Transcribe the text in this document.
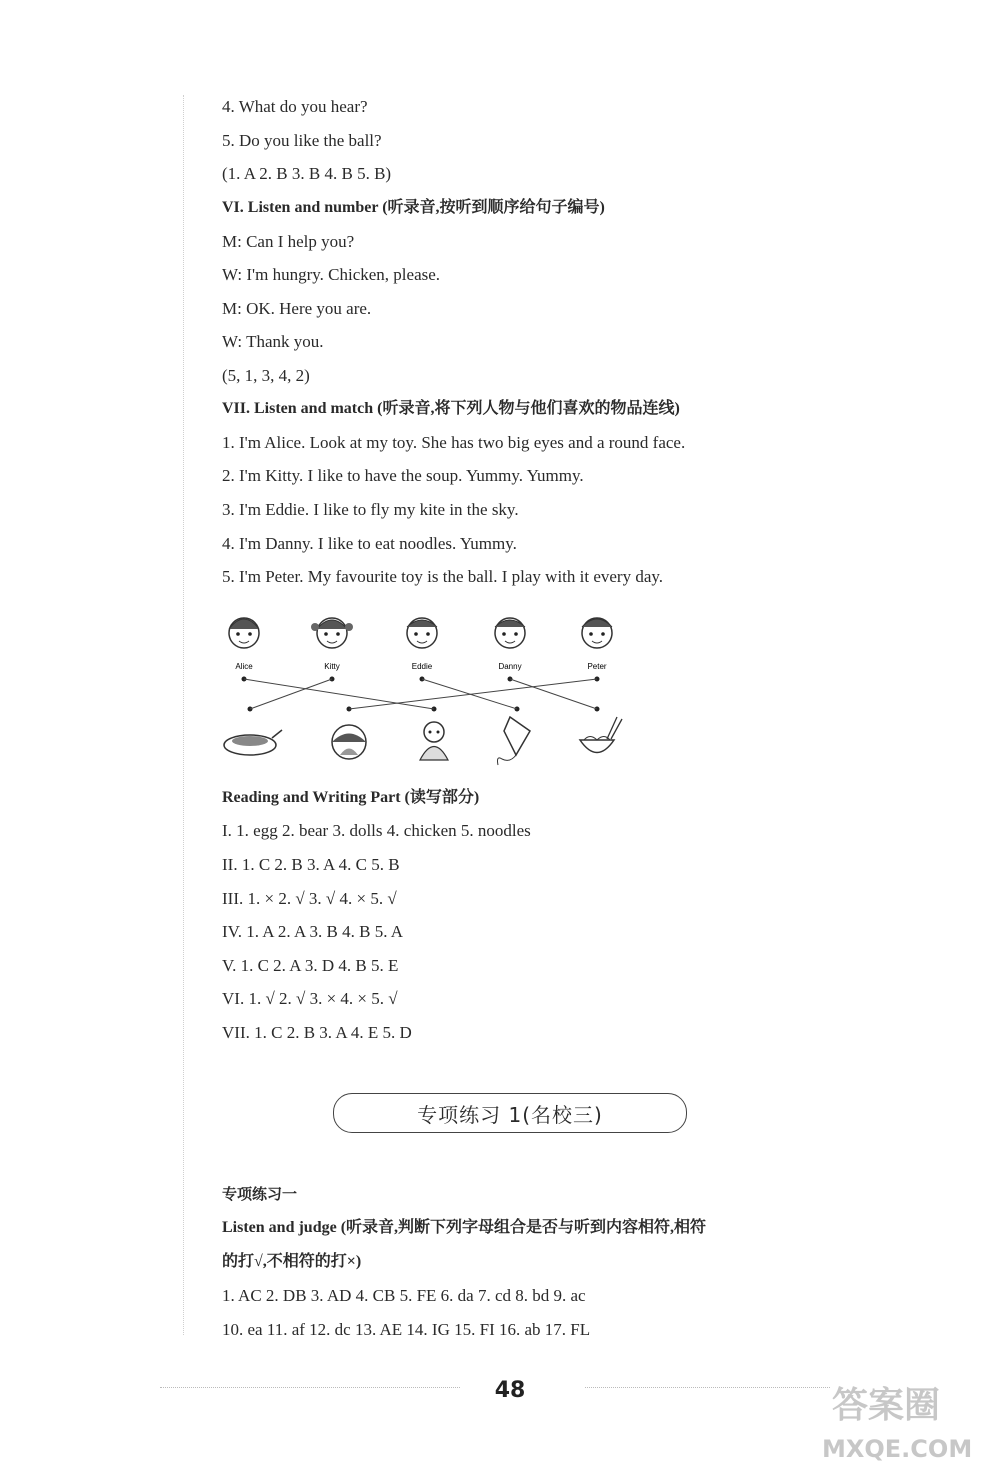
4. What do you hear?
5. Do you like the ball?
(1. A 2. B 3. B 4. B 5. B)
VI. Listen and number (听录音,按听到顺序给句子编号)
M: Can I help you?
W: I'm hungry. Chicken, please.
M: OK. Here you are.
W: Thank you.
(5, 1, 3, 4, 2)
VII. Listen and match (听录音,将下列人物与他们喜欢的物品连线)
1. I'm Alice. Look at my toy. She has two big eyes and a round face.
2. I'm Kitty. I like to have the soup. Yummy. Yummy.
3. I'm Eddie. I like to fly my kite in the sky.
4. I'm Danny. I like to eat noodles. Yummy.
5. I'm Peter. My favourite toy is the ball. I play with it every day.
Alice	Kitty	Eddie	Danny	Peter
Reading and Writing Part (读写部分)
I. 1. egg 2. bear 3. dolls 4. chicken 5. noodles
II. 1. C 2. B 3. A 4. C 5. B
III. 1. × 2. √ 3. √ 4. × 5. √
IV. 1. A 2. A 3. B 4. B 5. A
V. 1. C 2. A 3. D 4. B 5. E
VI. 1. √ 2. √ 3. × 4. × 5. √
VII. 1. C 2. B 3. A 4. E 5. D
专项练习 1(名校三)
专项练习一
Listen and judge (听录音,判断下列字母组合是否与听到内容相符,相符
的打√,不相符的打×)
1. AC 2. DB 3. AD 4. CB 5. FE 6. da 7. cd 8. bd 9. ac
10. ea 11. af 12. dc 13. AE 14. IG 15. FI 16. ab 17. FL
48	答案圈
MXQE.COM
